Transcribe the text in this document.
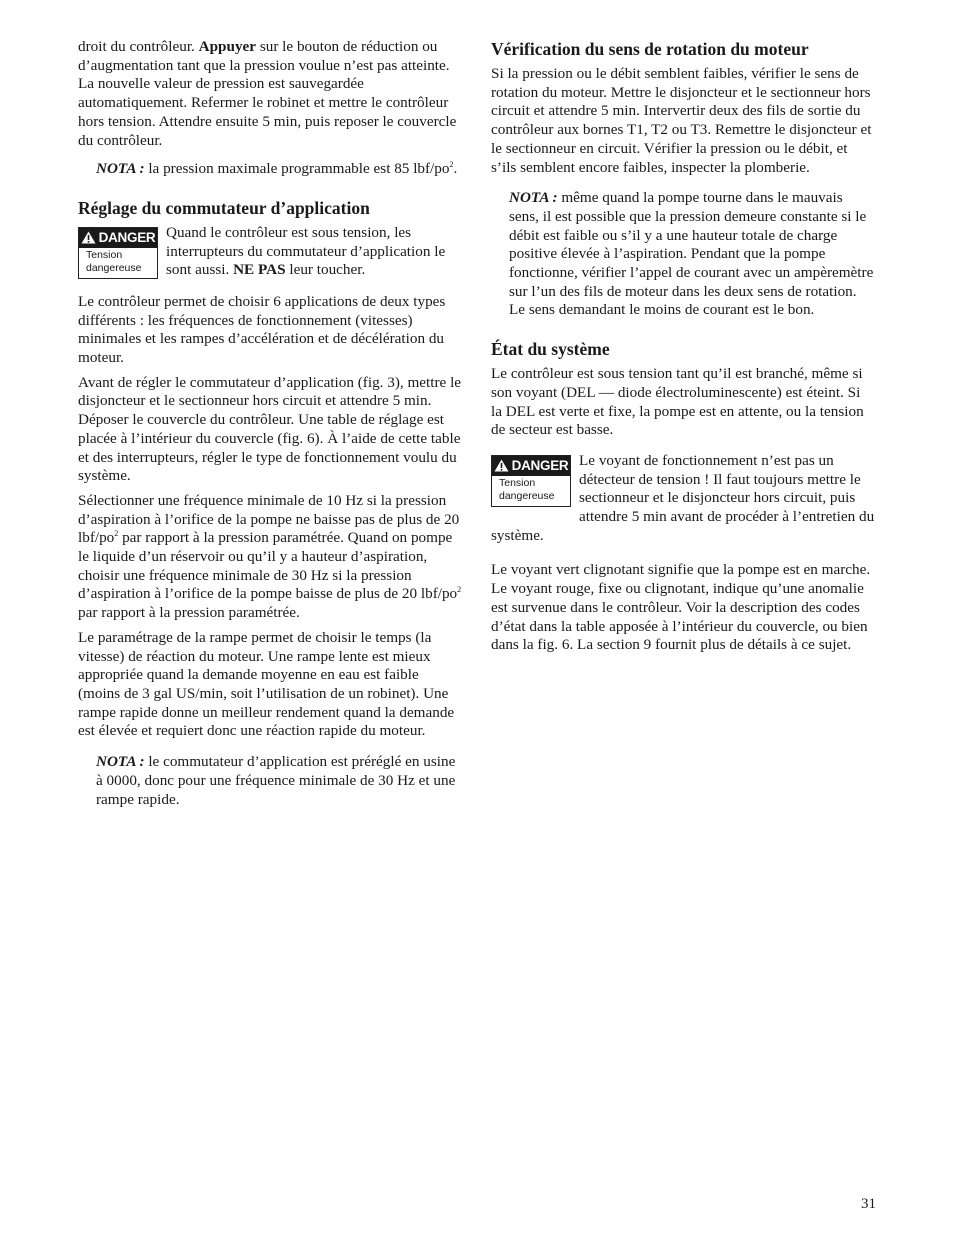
droit du contrôleur. Appuyer sur le bouton de réduction ou d’augmentation tant que la pression voulue n’est pas atteinte. La nouvelle valeur de pression est sauvegardée automatiquement. Refermer le robinet et mettre le contrôleur hors tension. Attendre ensuite 5 min, puis reposer le couvercle du contrôleur.

NOTA : la pression maximale programmable est 85 lbf/$po^2$.

Réglage du commutateur d’application
DANGER
Tension
dangereuse

Quand le contrôleur est sous tension, les interrupteurs du commutateur d’application le sont aussi. NE PAS leur toucher.

Le contrôleur permet de choisir 6 applications de deux types différents : les fréquences de fonctionnement (vitesses) minimales et les rampes d’accélération et de décélération du moteur.

Avant de régler le commutateur d’application (fig. 3), mettre le disjoncteur et le sectionneur hors circuit et attendre 5 min. Déposer le couvercle du contrôleur. Une table de réglage est placée à l’intérieur du couvercle (fig. 6). À l’aide de cette table et des interrupteurs, régler le type de fonctionnement voulu du système.

Sélectionner une fréquence minimale de 10 Hz si la pression d’aspiration à l’orifice de la pompe ne baisse pas de plus de 20 lbf/$po^2$ par rapport à la pression paramétrée. Quand on pompe le liquide d’un réservoir ou qu’il y a hauteur d’aspiration, choisir une fréquence minimale de 30 Hz si la pression d’aspiration à l’orifice de la pompe baisse de plus de 20 lbf/$po^2$ par rapport à la pression paramétrée.

Le paramétrage de la rampe permet de choisir le temps (la vitesse) de réaction du moteur. Une rampe lente est mieux appropriée quand la demande moyenne en eau est faible (moins de 3 gal US/min, soit l’utilisation de un robinet). Une rampe rapide donne un meilleur rendement quand la demande est élevée et requiert donc une réaction rapide du moteur.

NOTA : le commutateur d’application est préréglé en usine à 0000, donc pour une fréquence minimale de 30 Hz et une rampe rapide.

Vérification du sens de rotation du moteur

Si la pression ou le débit semblent faibles, vérifier le sens de rotation du moteur. Mettre le disjoncteur et le sectionneur hors circuit et attendre 5 min. Intervertir deux des fils de sortie du contrôleur aux bornes T1, T2 ou T3. Remettre le disjoncteur et le sectionneur en circuit. Vérifier la pression ou le débit, et s’ils semblent encore faibles, inspecter la plomberie.

NOTA : même quand la pompe tourne dans le mauvais sens, il est possible que la pression demeure constante si le débit est faible ou s’il y a une hauteur totale de charge positive élevée à l’aspiration. Pendant que la pompe fonctionne, vérifier l’appel de courant avec un ampèremètre sur l’un des fils de moteur dans les deux sens de rotation. Le sens demandant le moins de courant est le bon.

État du système

Le contrôleur est sous tension tant qu’il est branché, même si son voyant (DEL — diode électroluminescente) est éteint. Si la DEL est verte et fixe, la pompe est en attente, ou la tension de secteur est basse.

DANGER
Tension
dangereuse

Le voyant de fonctionnement n’est pas un détecteur de tension ! Il faut toujours mettre le sectionneur et le disjoncteur hors circuit, puis attendre 5 min avant de procéder à l’entretien du système.

Le voyant vert clignotant signifie que la pompe est en marche. Le voyant rouge, fixe ou clignotant, indique qu’une anomalie est survenue dans le contrôleur. Voir la description des codes d’état dans la table apposée à l’intérieur du couvercle, ou bien dans la fig. 6. La section 9 fournit plus de détails à ce sujet.

31
